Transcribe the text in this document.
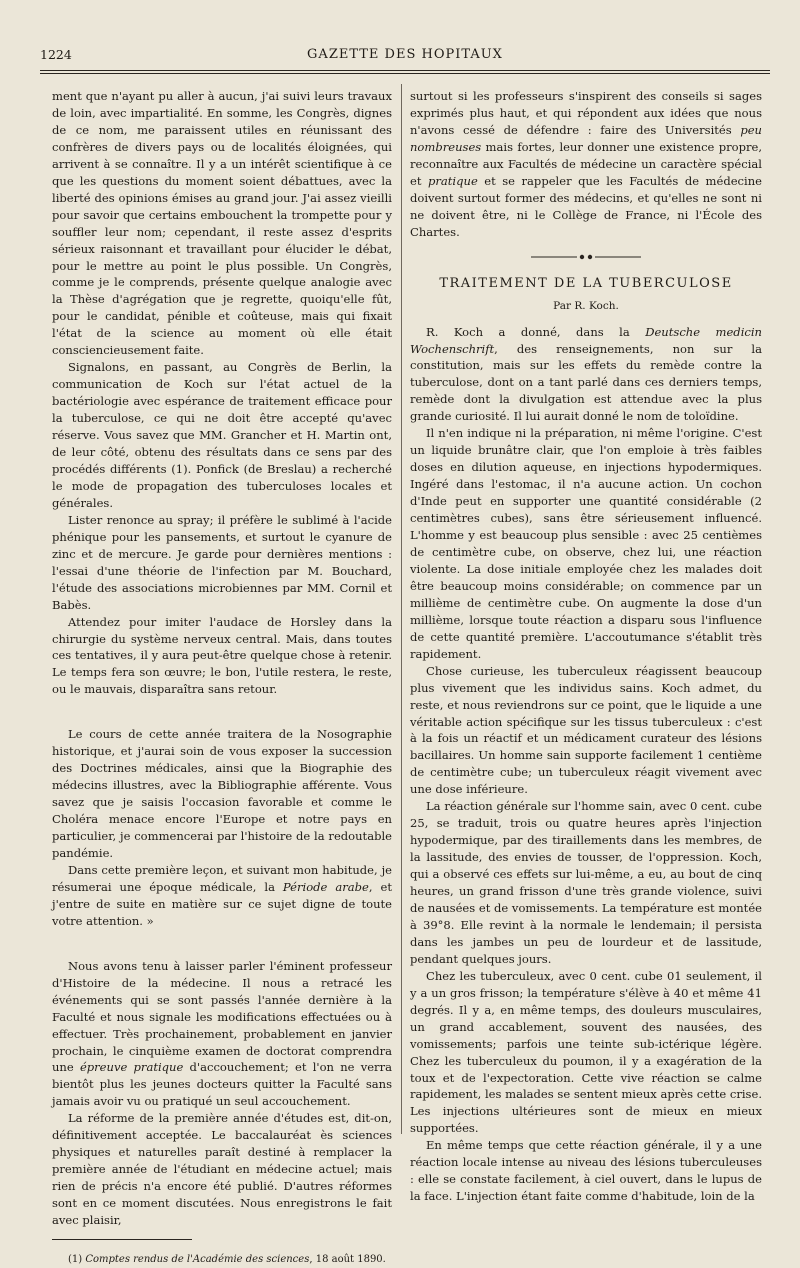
1224	GAZETTE DES HOPITAUX

ment que n'ayant pu aller à aucun, j'ai suivi leurs travaux de loin, avec impartialité. En somme, les Congrès, dignes de ce nom, me paraissent utiles en réunissant des confrères de divers pays ou de localités éloignées, qui arrivent à se connaître. Il y a un intérêt scientifique à ce que les questions du moment soient débattues, avec la liberté des opinions émises au grand jour. J'ai assez vieilli pour savoir que certains embouchent la trompette pour y souffler leur nom; cependant, il reste assez d'esprits sérieux raisonnant et travaillant pour élucider le débat, pour le mettre au point le plus possible. Un Congrès, comme je le comprends, présente quelque analogie avec la Thèse d'agrégation que je regrette, quoiqu'elle fût, pour le candidat, pénible et coûteuse, mais qui fixait l'état de la science au moment où elle était consciencieusement faite.

Signalons, en passant, au Congrès de Berlin, la communication de Koch sur l'état actuel de la bactériologie avec espérance de traitement efficace pour la tuberculose, ce qui ne doit être accepté qu'avec réserve. Vous savez que MM. Grancher et H. Martin ont, de leur côté, obtenu des résultats dans ce sens par des procédés différents (1). Ponfick (de Breslau) a recherché le mode de propagation des tuberculoses locales et générales.

Lister renonce au spray; il préfère le sublimé à l'acide phénique pour les pansements, et surtout le cyanure de zinc et de mercure. Je garde pour dernières mentions : l'essai d'une théorie de l'infection par M. Bouchard, l'étude des associations microbiennes par MM. Cornil et Babès.

Attendez pour imiter l'audace de Horsley dans la chirurgie du système nerveux central. Mais, dans toutes ces tentatives, il y aura peut-être quelque chose à retenir. Le temps fera son œuvre; le bon, l'utile restera, le reste, ou le mauvais, disparaîtra sans retour.

Le cours de cette année traitera de la Nosographie historique, et j'aurai soin de vous exposer la succession des Doctrines médicales, ainsi que la Biographie des médecins illustres, avec la Bibliographie afférente. Vous savez que je saisis l'occasion favorable et comme le Choléra menace encore l'Europe et notre pays en particulier, je commencerai par l'histoire de la redoutable pandémie.

Dans cette première leçon, et suivant mon habitude, je résumerai une époque médicale, la Période arabe, et j'entre de suite en matière sur ce sujet digne de toute votre attention. »

Nous avons tenu à laisser parler l'éminent professeur d'Histoire de la médecine. Il nous a retracé les événements qui se sont passés l'année dernière à la Faculté et nous signale les modifications effectuées ou à effectuer. Très prochainement, probablement en janvier prochain, le cinquième examen de doctorat comprendra une épreuve pratique d'accouchement; et l'on ne verra bientôt plus les jeunes docteurs quitter la Faculté sans jamais avoir vu ou pratiqué un seul accouchement.

La réforme de la première année d'études est, dit-on, définitivement acceptée. Le baccalauréat ès sciences physiques et naturelles paraît destiné à remplacer la première année de l'étudiant en médecine actuel; mais rien de précis n'a encore été publié. D'autres réformes sont en ce moment discutées. Nous enregistrons le fait avec plaisir,

(1) Comptes rendus de l'Académie des sciences, 18 août 1890.

surtout si les professeurs s'inspirent des conseils si sages exprimés plus haut, et qui répondent aux idées que nous n'avons cessé de défendre : faire des Universités peu nombreuses mais fortes, leur donner une existence propre, reconnaître aux Facultés de médecine un caractère spécial et pratique et se rappeler que les Facultés de médecine doivent surtout former des médecins, et qu'elles ne sont ni ne doivent être, ni le Collège de France, ni l'École des Chartes.

TRAITEMENT DE LA TUBERCULOSE
Par R. Koch.

R. Koch a donné, dans la Deutsche medicin Wochenschrift, des renseignements, non sur la constitution, mais sur les effets du remède contre la tuberculose, dont on a tant parlé dans ces derniers temps, remède dont la divulgation est attendue avec la plus grande curiosité. Il lui aurait donné le nom de toloïdine.

Il n'en indique ni la préparation, ni même l'origine. C'est un liquide brunâtre clair, que l'on emploie à très faibles doses en dilution aqueuse, en injections hypodermiques. Ingéré dans l'estomac, il n'a aucune action. Un cochon d'Inde peut en supporter une quantité considérable (2 centimètres cubes), sans être sérieusement influencé. L'homme y est beaucoup plus sensible : avec 25 centièmes de centimètre cube, on observe, chez lui, une réaction violente. La dose initiale employée chez les malades doit être beaucoup moins considérable; on commence par un millième de centimètre cube. On augmente la dose d'un millième, lorsque toute réaction a disparu sous l'influence de cette quantité première. L'accoutumance s'établit très rapidement.

Chose curieuse, les tuberculeux réagissent beaucoup plus vivement que les individus sains. Koch admet, du reste, et nous reviendrons sur ce point, que le liquide a une véritable action spécifique sur les tissus tuberculeux : c'est à la fois un réactif et un médicament curateur des lésions bacillaires. Un homme sain supporte facilement 1 centième de centimètre cube; un tuberculeux réagit vivement avec une dose inférieure.

La réaction générale sur l'homme sain, avec 0 cent. cube 25, se traduit, trois ou quatre heures après l'injection hypodermique, par des tiraillements dans les membres, de la lassitude, des envies de tousser, de l'oppression. Koch, qui a observé ces effets sur lui-même, a eu, au bout de cinq heures, un grand frisson d'une très grande violence, suivi de nausées et de vomissements. La température est montée à 39°8. Elle revint à la normale le lendemain; il persista dans les jambes un peu de lourdeur et de lassitude, pendant quelques jours.

Chez les tuberculeux, avec 0 cent. cube 01 seulement, il y a un gros frisson; la température s'élève à 40 et même 41 degrés. Il y a, en même temps, des douleurs musculaires, un grand accablement, souvent des nausées, des vomissements; parfois une teinte sub-ictérique légère. Chez les tuberculeux du poumon, il y a exagération de la toux et de l'expectoration. Cette vive réaction se calme rapidement, les malades se sentent mieux après cette crise. Les injections ultérieures sont de mieux en mieux supportées.

En même temps que cette réaction générale, il y a une réaction locale intense au niveau des lésions tuberculeuses : elle se constate facilement, à ciel ouvert, dans le lupus de la face. L'injection étant faite comme d'habitude, loin de la
